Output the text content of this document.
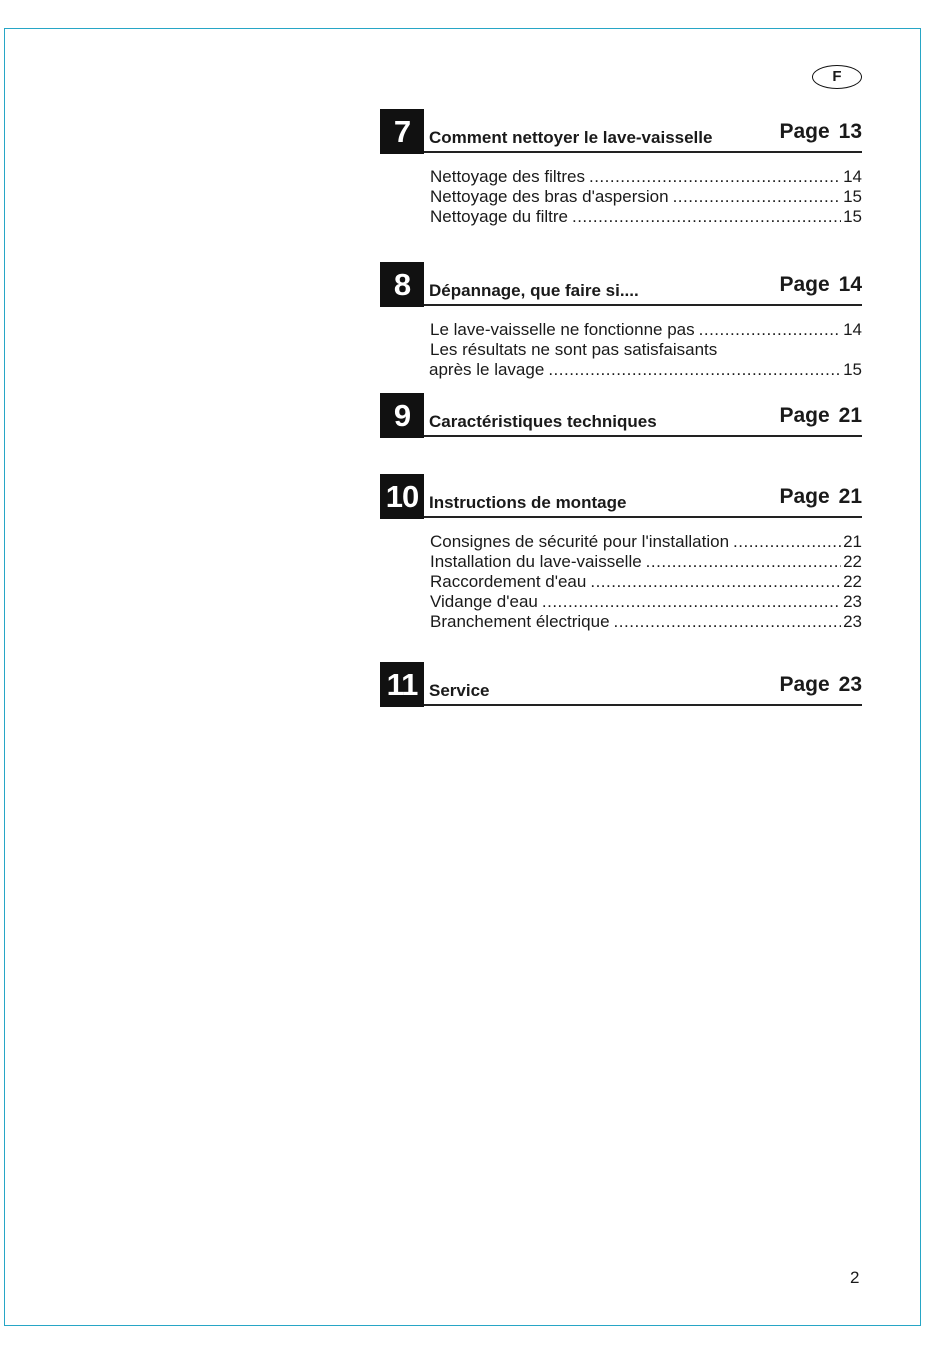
F
7	Comment nettoyer le lave-vaisselle	Page 13
Nettoyage des filtres .....	14
Nettoyage des bras d'aspersion .....	15
Nettoyage du filtre .....	15
8	Dépannage, que faire si....	Page 14
Le lave-vaisselle ne fonctionne pas .....	14
Les résultats ne sont pas satisfaisants
après le lavage .....	15
9	Caractéristiques techniques	Page 21
10 Instructions de montage	Page 21
Consignes de sécurité pour l'installation .....	21
Installation du lave-vaisselle .....	22
Raccordement d'eau .....	22
Vidange d'eau .....	23
Branchement électrique .....	23
11 Service	Page 23
2
